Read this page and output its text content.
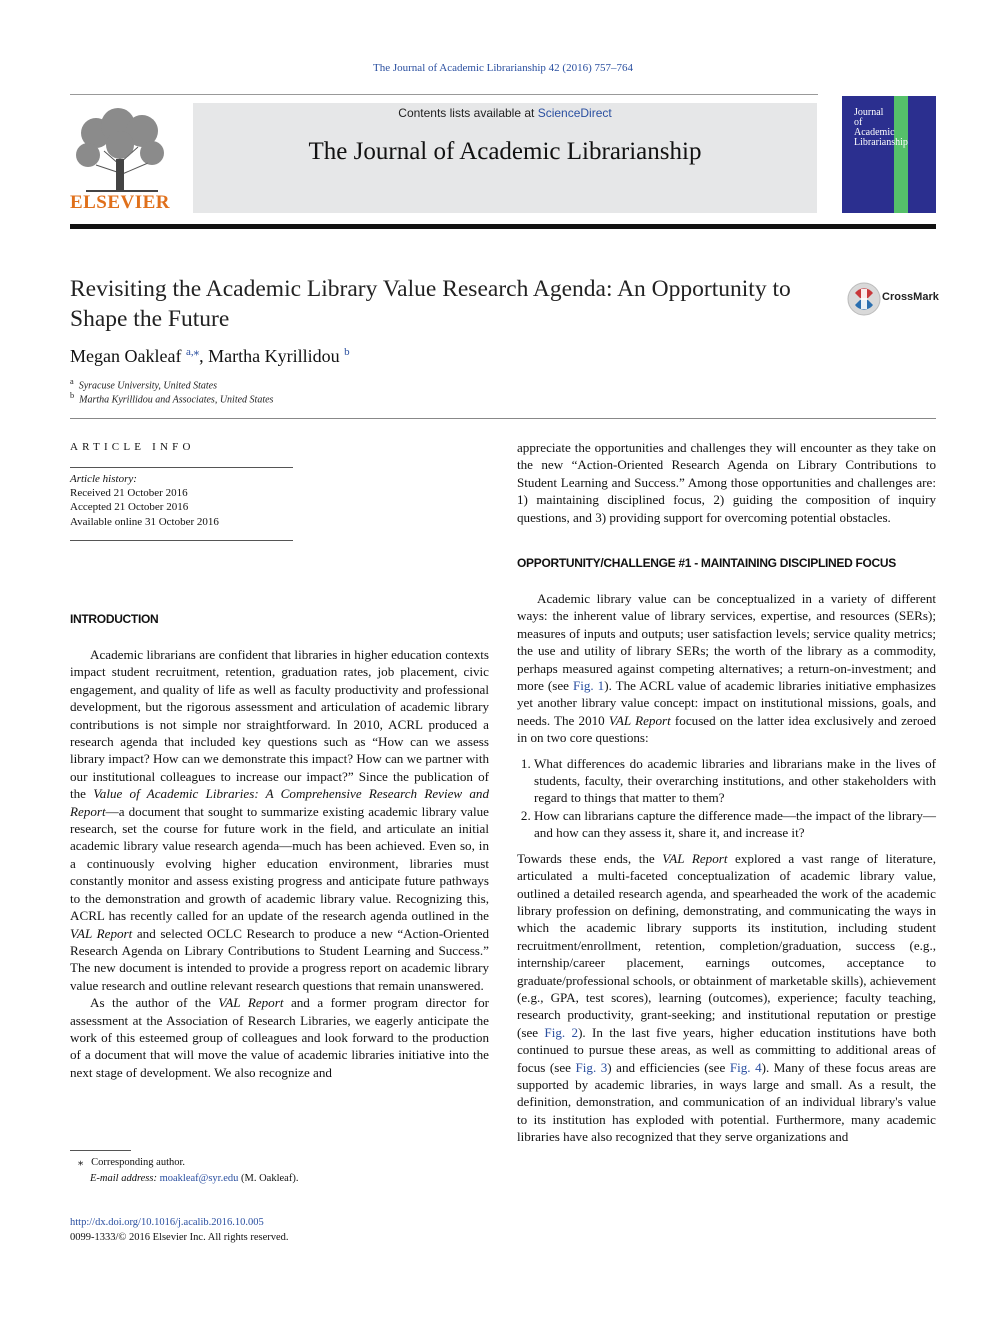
The Journal of Academic Librarianship 42 (2016) 757–764
ELSEVIER
Contents lists available at ScienceDirect
The Journal of Academic Librarianship
Journal
of
Academic
Librarianship
Revisiting the Academic Library Value Research Agenda: An Opportunity to Shape the Future
CrossMark
Megan Oakleaf $^{a,⁎}$, Martha Kyrillidou $^b$
$^a$ Syracuse University, United States
$^b$ Martha Kyrillidou and Associates, United States
ARTICLE INFO
Article history:
Received 21 October 2016
Accepted 21 October 2016
Available online 31 October 2016
INTRODUCTION

Academic librarians are confident that libraries in higher education contexts impact student recruitment, retention, graduation rates, job placement, civic engagement, and quality of life as well as faculty productivity and professional development, but the rigorous assessment and articulation of academic library contributions is not simple nor straightforward. In 2010, ACRL produced a research agenda that included key questions such as “How can we assess library impact? How can we demonstrate this impact? How can we partner with our institutional colleagues to increase our impact?” Since the publication of the Value of Academic Libraries: A Comprehensive Research Review and Report—a document that sought to summarize existing academic library value research, set the course for future work in the field, and articulate an initial academic library value research agenda—much has been achieved. Even so, in a continuously evolving higher education environment, libraries must constantly monitor and assess existing progress and anticipate future pathways to the demonstration and growth of academic library value. Recognizing this, ACRL has recently called for an update of the research agenda outlined in the VAL Report and selected OCLC Research to produce a new “Action-Oriented Research Agenda on Library Contributions to Student Learning and Success.” The new document is intended to provide a progress report on academic library value research and outline relevant research questions that remain unanswered.

As the author of the VAL Report and a former program director for assessment at the Association of Research Libraries, we eagerly anticipate the work of this esteemed group of colleagues and look forward to the production of a document that will move the value of academic libraries initiative into the next stage of development. We also recognize and

appreciate the opportunities and challenges they will encounter as they take on the new “Action-Oriented Research Agenda on Library Contributions to Student Learning and Success.” Among those opportunities and challenges are: 1) maintaining disciplined focus, 2) guiding the composition of inquiry questions, and 3) providing support for overcoming potential obstacles.

OPPORTUNITY/CHALLENGE #1 - MAINTAINING DISCIPLINED FOCUS

Academic library value can be conceptualized in a variety of different ways: the inherent value of library services, expertise, and resources (SERs); measures of inputs and outputs; user satisfaction levels; service quality metrics; the use and utility of library SERs; the worth of the library as a commodity, perhaps measured against competing alternatives; a return-on-investment; and more (see Fig. 1). The ACRL value of academic libraries initiative emphasizes yet another library value concept: impact on institutional missions, goals, and needs. The 2010 VAL Report focused on the latter idea exclusively and zeroed in on two core questions:

1. What differences do academic libraries and librarians make in the lives of students, faculty, their overarching institutions, and other stakeholders with regard to things that matter to them?
2. How can librarians capture the difference made—the impact of the library—and how can they assess it, share it, and increase it?

Towards these ends, the VAL Report explored a vast range of literature, articulated a multi-faceted conceptualization of academic library value, outlined a detailed research agenda, and spearheaded the work of the academic library profession on defining, demonstrating, and communicating the ways in which the academic library supports its institution, including student recruitment/enrollment, retention, completion/graduation, success (e.g., internship/career placement, earnings outcomes, acceptance to graduate/professional schools, or obtainment of marketable skills), achievement (e.g., GPA, test scores), learning (outcomes), experience; faculty teaching, research productivity, grant-seeking; and institutional reputation or prestige (see Fig. 2). In the last five years, higher education institutions have both continued to pursue these areas, as well as committing to additional areas of focus (see Fig. 3) and efficiencies (see Fig. 4). Many of these focus areas are supported by academic libraries, in ways large and small. As a result, the definition, demonstration, and communication of an individual library's value to its institution has exploded with potential. Furthermore, many academic libraries have also recognized that they serve organizations and

⁎ Corresponding author.
E-mail address: moakleaf@syr.edu (M. Oakleaf).
http://dx.doi.org/10.1016/j.acalib.2016.10.005
0099-1333/© 2016 Elsevier Inc. All rights reserved.
